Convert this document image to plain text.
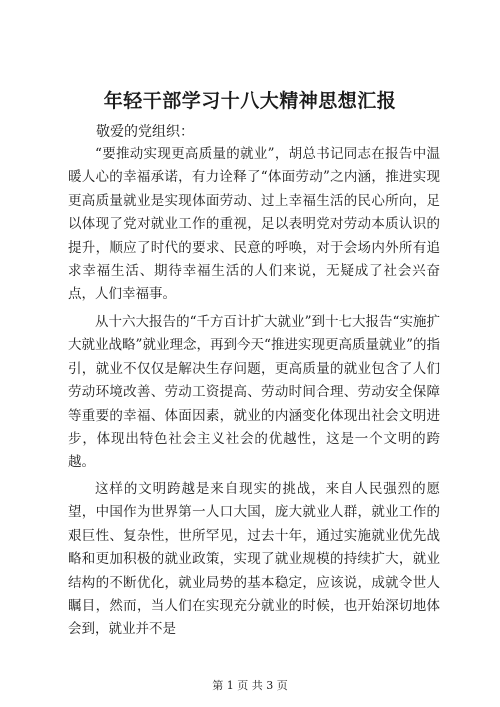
年轻干部学习十八大精神思想汇报

敬爱的党组织：

“要推动实现更高质量的就业”，胡总书记同志在报告中温暖人心的幸福承诺，有力诠释了“体面劳动”之内涵，推进实现更高质量就业是实现体面劳动、过上幸福生活的民心所向，足以体现了党对就业工作的重视，足以表明党对劳动本质认识的提升，顺应了时代的要求、民意的呼唤，对于会场内外所有追求幸福生活、期待幸福生活的人们来说，无疑成了社会兴奋点，人们幸福事。

从十六大报告的“千方百计扩大就业”到十七大报告“实施扩大就业战略”就业理念，再到今天“推进实现更高质量就业”的指引，就业不仅仅是解决生存问题，更高质量的就业包含了人们劳动环境改善、劳动工资提高、劳动时间合理、劳动安全保障等重要的幸福、体面因素，就业的内涵变化体现出社会文明进步，体现出特色社会主义社会的优越性，这是一个文明的跨越。

这样的文明跨越是来自现实的挑战，来自人民强烈的愿望，中国作为世界第一人口大国，庞大就业人群，就业工作的艰巨性、复杂性，世所罕见，过去十年，通过实施就业优先战略和更加积极的就业政策，实现了就业规模的持续扩大，就业结构的不断优化，就业局势的基本稳定，应该说，成就令世人瞩目，然而，当人们在实现充分就业的时候，也开始深切地体会到，就业并不是

第 1 页 共 3 页
